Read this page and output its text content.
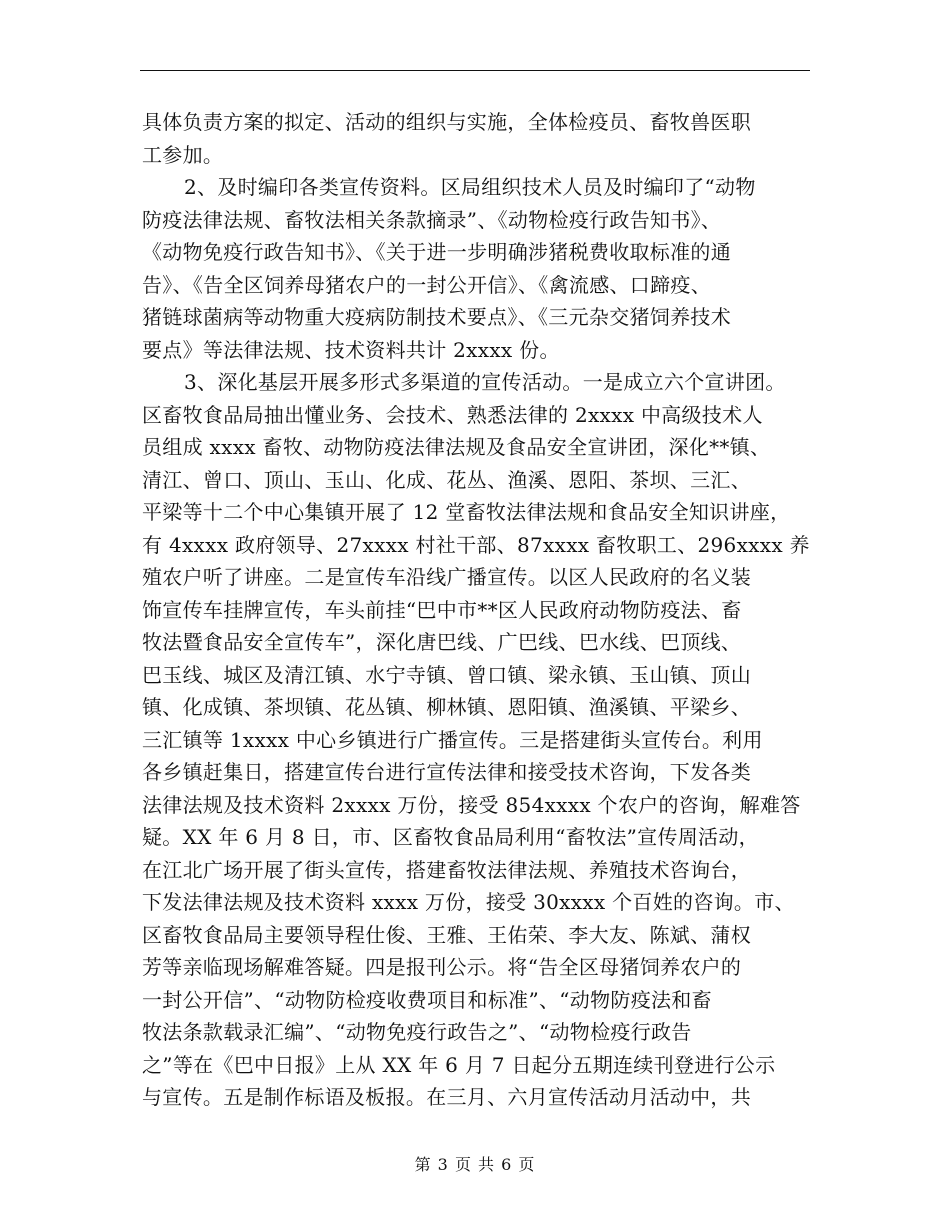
具体负责方案的拟定、活动的组织与实施，全体检疫员、畜牧兽医职
工参加。
2、及时编印各类宣传资料。区局组织技术人员及时编印了“动物
防疫法律法规、畜牧法相关条款摘录”、《动物检疫行政告知书》、
《动物免疫行政告知书》、《关于进一步明确涉猪税费收取标准的通
告》、《告全区饲养母猪农户的一封公开信》、《禽流感、口蹄疫、
猪链球菌病等动物重大疫病防制技术要点》、《三元杂交猪饲养技术
要点》等法律法规、技术资料共计 2xxxx 份。
3、深化基层开展多形式多渠道的宣传活动。一是成立六个宣讲团。
区畜牧食品局抽出懂业务、会技术、熟悉法律的 2xxxx 中高级技术人
员组成 xxxx 畜牧、动物防疫法律法规及食品安全宣讲团，深化**镇、
清江、曾口、顶山、玉山、化成、花丛、渔溪、恩阳、茶坝、三汇、
平梁等十二个中心集镇开展了 12 堂畜牧法律法规和食品安全知识讲座，
有 4xxxx 政府领导、27xxxx 村社干部、87xxxx 畜牧职工、296xxxx 养
殖农户听了讲座。二是宣传车沿线广播宣传。以区人民政府的名义装
饰宣传车挂牌宣传，车头前挂“巴中市**区人民政府动物防疫法、畜
牧法暨食品安全宣传车”，深化唐巴线、广巴线、巴水线、巴顶线、
巴玉线、城区及清江镇、水宁寺镇、曾口镇、梁永镇、玉山镇、顶山
镇、化成镇、茶坝镇、花丛镇、柳林镇、恩阳镇、渔溪镇、平梁乡、
三汇镇等 1xxxx 中心乡镇进行广播宣传。三是搭建街头宣传台。利用
各乡镇赶集日，搭建宣传台进行宣传法律和接受技术咨询，下发各类
法律法规及技术资料 2xxxx 万份，接受 854xxxx 个农户的咨询，解难答
疑。XX 年 6 月 8 日，市、区畜牧食品局利用“畜牧法”宣传周活动，
在江北广场开展了街头宣传，搭建畜牧法律法规、养殖技术咨询台，
下发法律法规及技术资料 xxxx 万份，接受 30xxxx 个百姓的咨询。市、
区畜牧食品局主要领导程仕俊、王雅、王佑荣、李大友、陈斌、蒲权
芳等亲临现场解难答疑。四是报刊公示。将“告全区母猪饲养农户的
一封公开信”、“动物防检疫收费项目和标准”、“动物防疫法和畜
牧法条款载录汇编”、“动物免疫行政告之”、“动物检疫行政告
之”等在《巴中日报》上从 XX 年 6 月 7 日起分五期连续刊登进行公示
与宣传。五是制作标语及板报。在三月、六月宣传活动月活动中，共
第 3 页 共 6 页
